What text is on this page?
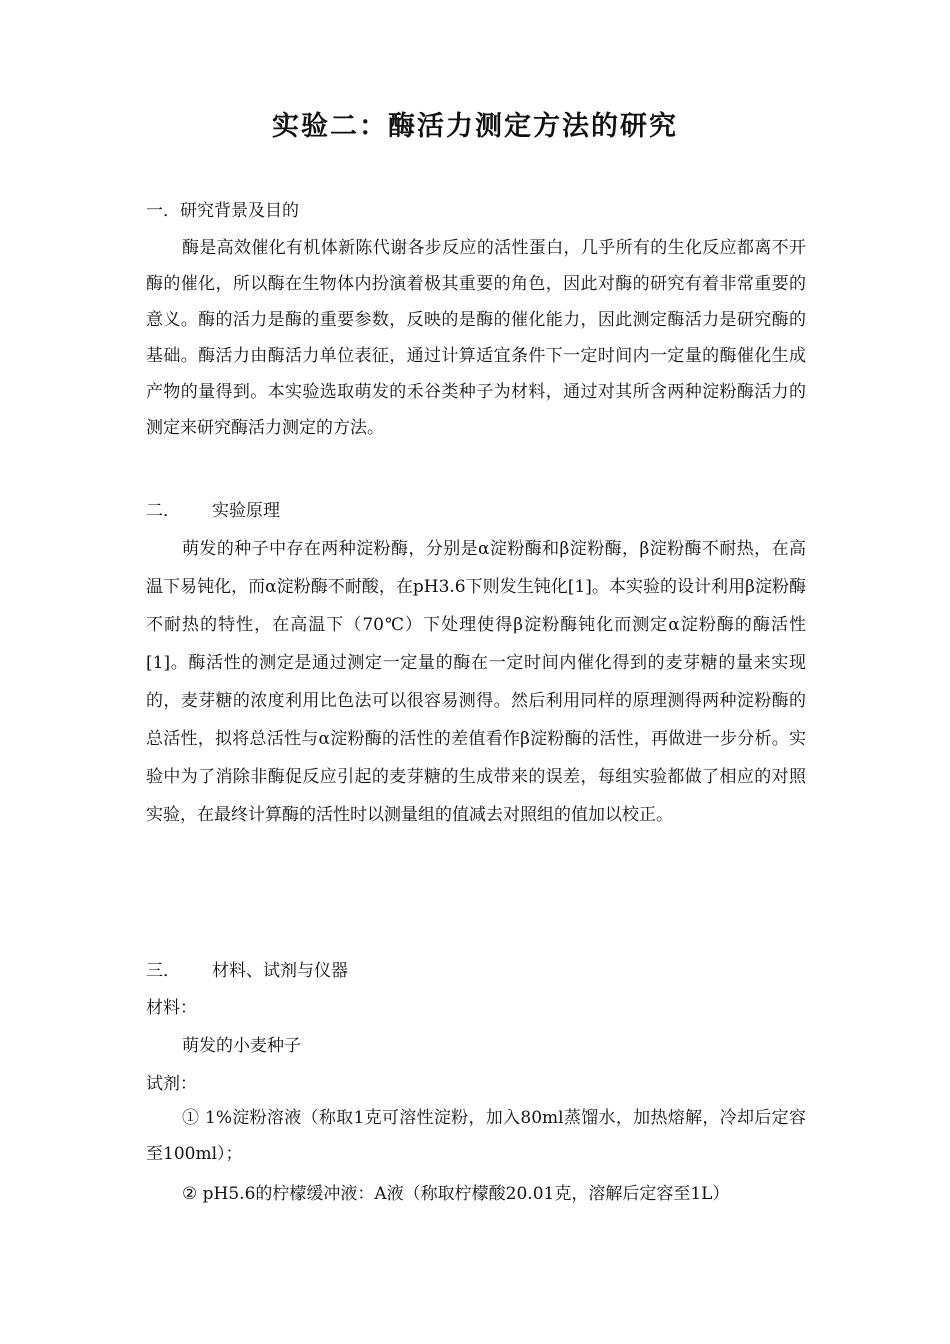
实验二：酶活力测定方法的研究
一．研究背景及目的
酶是高效催化有机体新陈代谢各步反应的活性蛋白，几乎所有的生化反应都离不开酶的催化，所以酶在生物体内扮演着极其重要的角色，因此对酶的研究有着非常重要的意义。酶的活力是酶的重要参数，反映的是酶的催化能力，因此测定酶活力是研究酶的基础。酶活力由酶活力单位表征，通过计算适宜条件下一定时间内一定量的酶催化生成产物的量得到。本实验选取萌发的禾谷类种子为材料，通过对其所含两种淀粉酶活力的测定来研究酶活力测定的方法。
二． 实验原理
萌发的种子中存在两种淀粉酶，分别是α淀粉酶和β淀粉酶，β淀粉酶不耐热，在高温下易钝化，而α淀粉酶不耐酸，在pH3.6下则发生钝化[1]。本实验的设计利用β淀粉酶不耐热的特性，在高温下（70℃）下处理使得β淀粉酶钝化而测定α淀粉酶的酶活性[1]。酶活性的测定是通过测定一定量的酶在一定时间内催化得到的麦芽糖的量来实现的，麦芽糖的浓度利用比色法可以很容易测得。然后利用同样的原理测得两种淀粉酶的总活性，拟将总活性与α淀粉酶的活性的差值看作β淀粉酶的活性，再做进一步分析。实验中为了消除非酶促反应引起的麦芽糖的生成带来的误差，每组实验都做了相应的对照实验，在最终计算酶的活性时以测量组的值减去对照组的值加以校正。
三． 材料、试剂与仪器
材料：
萌发的小麦种子
试剂：
① 1%淀粉溶液（称取1克可溶性淀粉，加入80ml蒸馏水，加热熔解，冷却后定容至100ml）；
② pH5.6的柠檬缓冲液：A液（称取柠檬酸20.01克，溶解后定容至1L）
